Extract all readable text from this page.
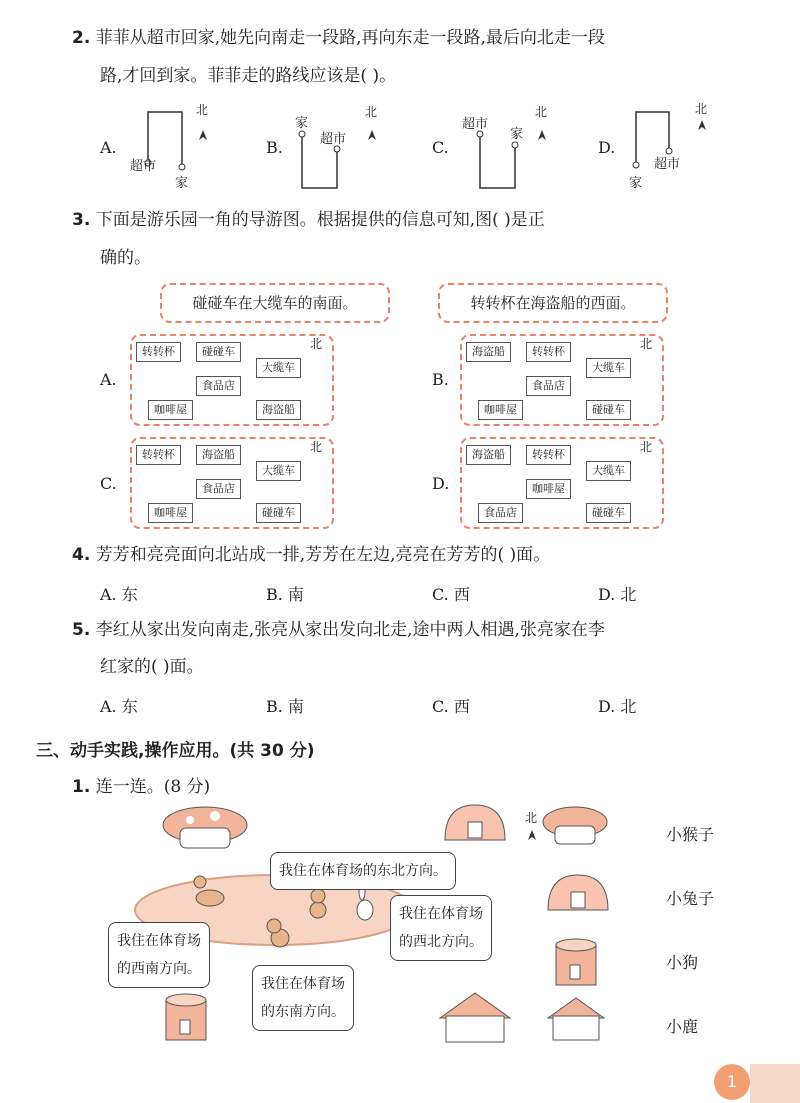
2. 菲菲从超市回家,她先向南走一段路,再向东走一段路,最后向北走一段
路,才回到家。菲菲走的路线应该是( )。
A.	B.	C.	D.
超市
家
北
家
超市
北
超市
家
北
家
超市
北
3. 下面是游乐园一角的导游图。根据提供的信息可知,图( )是正
确的。
碰碰车在大缆车的南面。	转转杯在海盗船的西面。
A.
转转杯	碰碰车
大缆车
食品店
咖啡屋	海盗船
北
B.
海盗船	转转杯
大缆车
食品店
咖啡屋	碰碰车
北
C.
转转杯	海盗船
大缆车
食品店
咖啡屋	碰碰车
北
D.
海盗船	转转杯
大缆车
咖啡屋
食品店	碰碰车
北
4. 芳芳和亮亮面向北站成一排,芳芳在左边,亮亮在芳芳的( )面。
A. 东	B. 南	C. 西	D. 北
5. 李红从家出发向南走,张亮从家出发向北走,途中两人相遇,张亮家在李
红家的( )面。
A. 东	B. 南	C. 西	D. 北
三、动手实践,操作应用。(共 30 分)
1. 连一连。(8 分)
北
我住在体育场的东北方向。
我住在体育场
的西北方向。
我住在体育场
的西南方向。
我住在体育场
的东南方向。
小猴子
小兔子
小狗
小鹿
1
